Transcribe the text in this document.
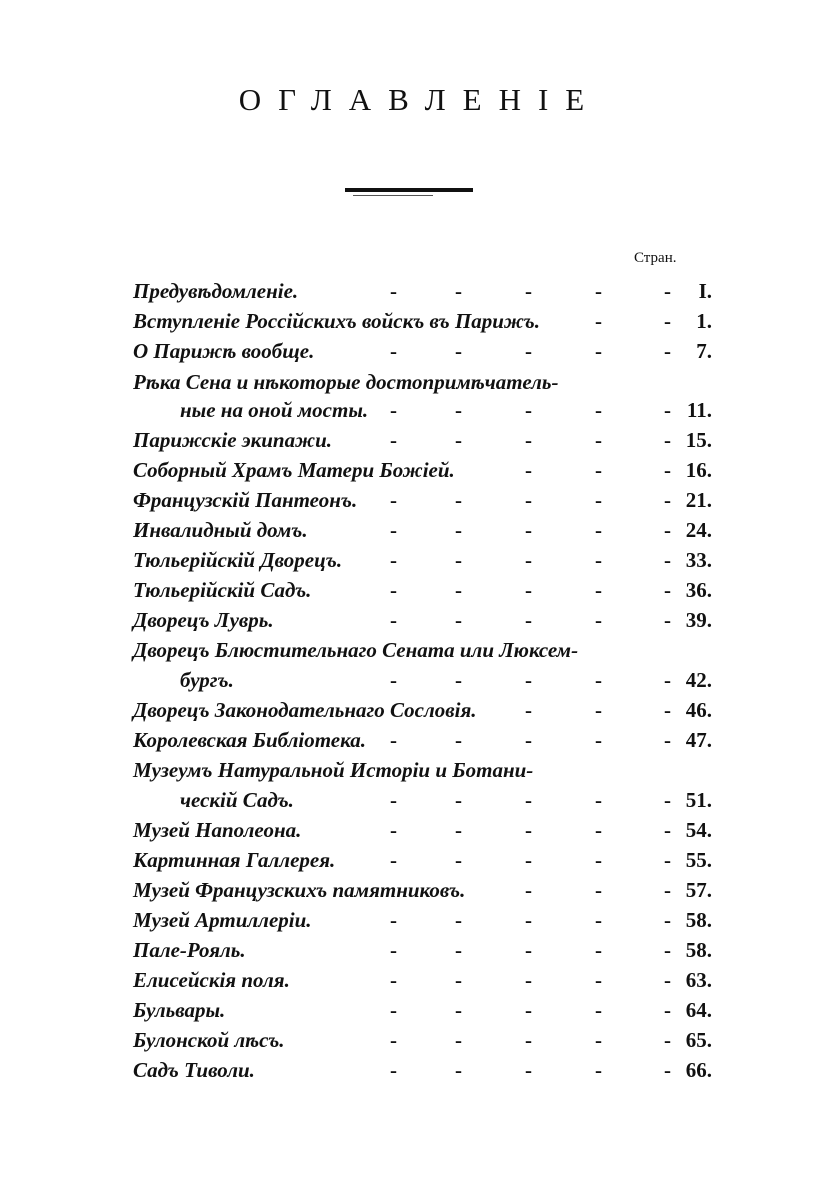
ОГЛАВЛЕНІЕ
Стран.
Предувѣдомленіе.	-	-	-	-	- I.
Вступленіе Россійскихъ войскъ въ Парижъ.	-	- 1.
О Парижѣ вообще.	-	-	-	-	- 7.
Рѣка Сена и нѣкоторые достопримѣчатель-
ные на оной мосты. -	-	-	-	- 11.
Парижскіе экипажи.	-	-	-	-	- 15.
Соборный Храмъ Матери Божіей.	-	-	- 16.
Французскій Пантеонъ. -	-	-	-	- 21.
Инвалидный домъ.	-	-	-	-	- 24.
Тюльерійскій Дворецъ. -	-	-	-	- 33.
Тюльерійскій Садъ.	-	-	-	-	- 36.
Дворецъ Луврь.	-	-	-	-	- 39.
Дворецъ Блюстительнаго Сената или Люксем-
бургъ.	-	-	-	-	- 42.
Дворецъ Законодательнаго Сословія. -	-	- 46.
Королевская Библіотека. -	-	-	-	- 47.
Музеумъ Натуральной Исторіи и Ботани-
ческій Садъ.	-	-	-	-	- 51.
Музей Наполеона.	-	-	-	-	- 54.
Картинная Галлерея.	-	-	-	-	- 55.
Музей Французскихъ памятниковъ.	-	-	- 57.
Музей Артиллеріи.	-	-	-	-	- 58.
Пале-Рояль.	-	-	-	-	- 58.
Елисейскія поля.	-	-	-	-	- 63.
Бульвары.	-	-	-	-	- 64.
Булонской лѣсъ.	-	-	-	-	- 65.
Садъ Тиволи.	-	-	-	-	- 66.
